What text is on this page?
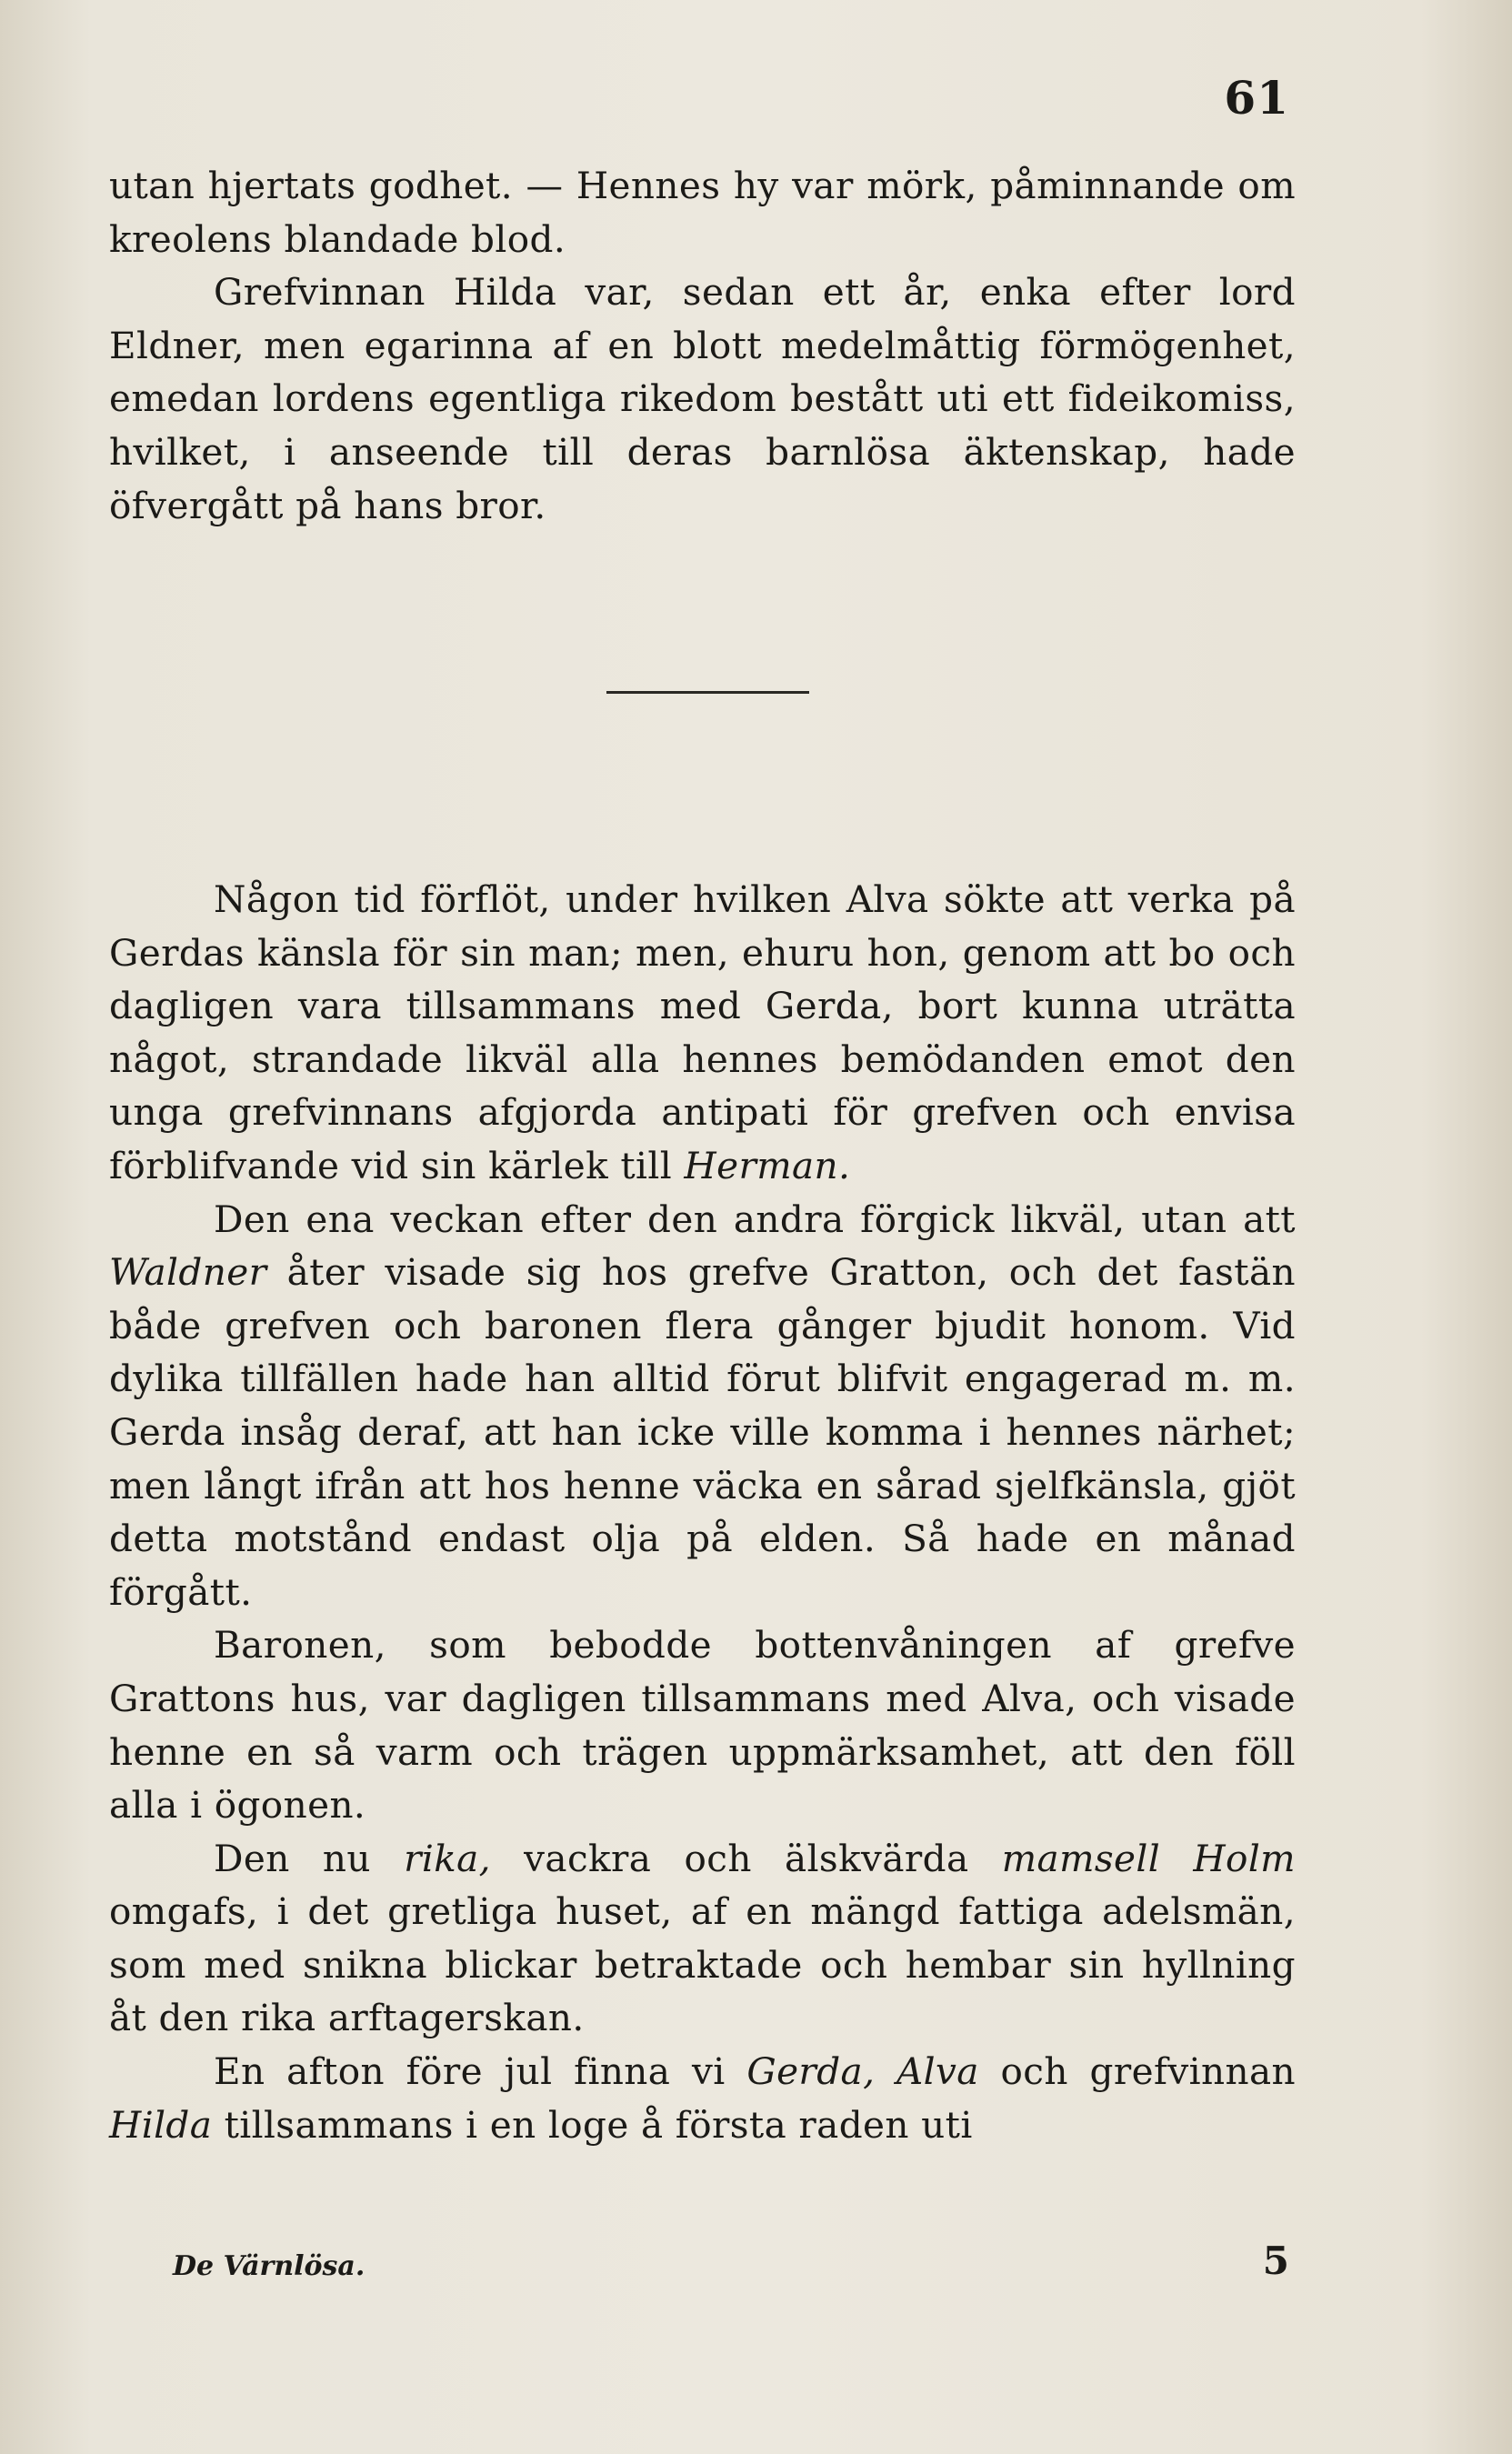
61

utan hjertats godhet. — Hennes hy var mörk, påminnande om kreolens blandade blod.

Grefvinnan Hilda var, sedan ett år, enka efter lord Eldner, men egarinna af en blott medelmåttig förmögenhet, emedan lordens egentliga rikedom bestått uti ett fideikomiss, hvilket, i anseende till deras barnlösa äktenskap, hade öfvergått på hans bror.

Någon tid förflöt, under hvilken Alva sökte att verka på Gerdas känsla för sin man; men, ehuru hon, genom att bo och dagligen vara tillsammans med Gerda, bort kunna uträtta något, strandade likväl alla hennes bemödanden emot den unga grefvinnans afgjorda antipati för grefven och envisa förblifvande vid sin kärlek till Herman.

Den ena veckan efter den andra förgick likväl, utan att Waldner åter visade sig hos grefve Gratton, och det fastän både grefven och baronen flera gånger bjudit honom. Vid dylika tillfällen hade han alltid förut blifvit engagerad m. m. Gerda insåg deraf, att han icke ville komma i hennes närhet; men långt ifrån att hos henne väcka en sårad sjelfkänsla, gjöt detta motstånd endast olja på elden. Så hade en månad förgått.

Baronen, som bebodde bottenvåningen af grefve Grattons hus, var dagligen tillsammans med Alva, och visade henne en så varm och trägen uppmärksamhet, att den föll alla i ögonen.

Den nu rika, vackra och älskvärda mamsell Holm omgafs, i det gretliga huset, af en mängd fattiga adelsmän, som med snikna blickar betraktade och hembar sin hyllning åt den rika arftagerskan.

En afton före jul finna vi Gerda, Alva och grefvinnan Hilda tillsammans i en loge å första raden uti

De Värnlösa.	5
